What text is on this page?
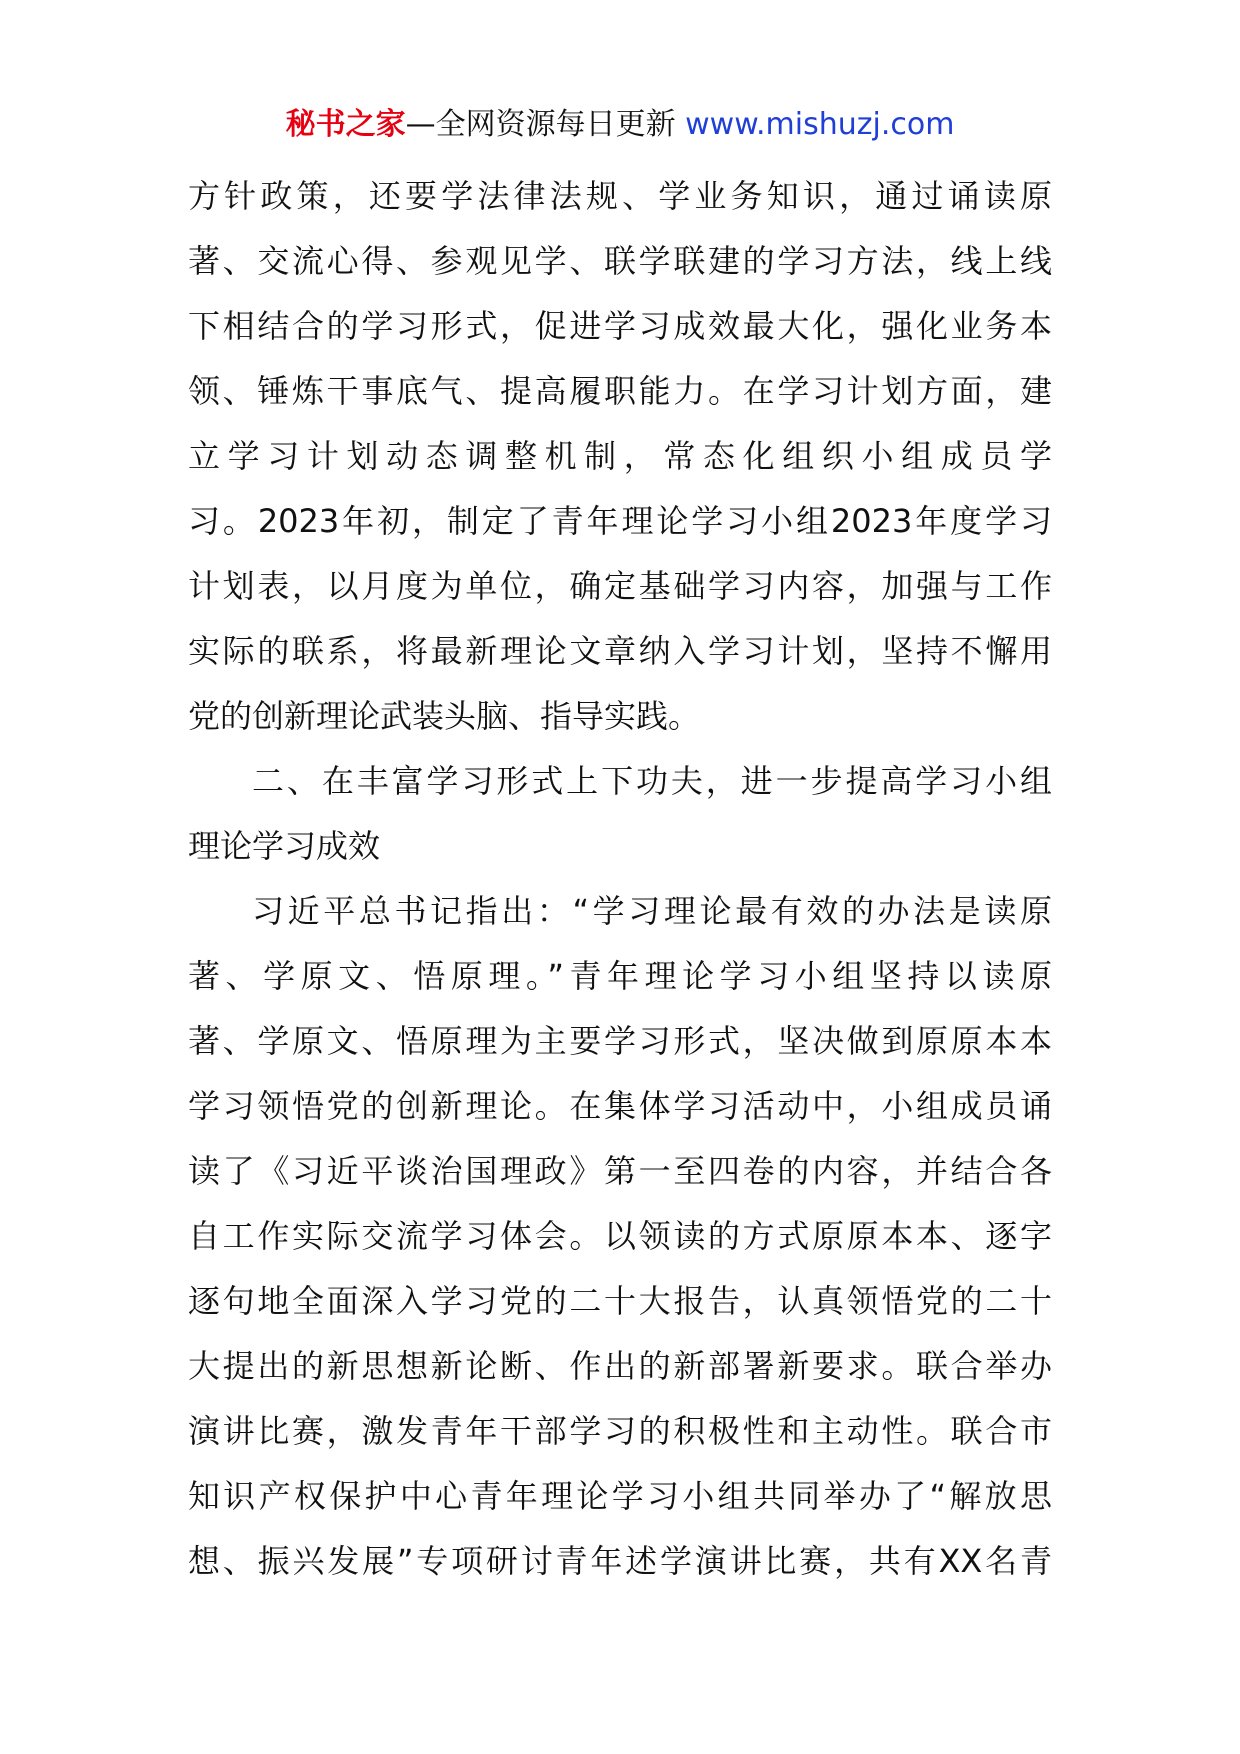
秘书之家—全网资源每日更新 www.mishuzj.com
方针政策，还要学法律法规、学业务知识，通过诵读原
著、交流心得、参观见学、联学联建的学习方法，线上线
下相结合的学习形式，促进学习成效最大化，强化业务本
领、锤炼干事底气、提高履职能力。在学习计划方面，建
立学习计划动态调整机制，常态化组织小组成员学
习。2023年初，制定了青年理论学习小组2023年度学习
计划表，以月度为单位，确定基础学习内容，加强与工作
实际的联系，将最新理论文章纳入学习计划，坚持不懈用
党的创新理论武装头脑、指导实践。
二、在丰富学习形式上下功夫，进一步提高学习小组
理论学习成效
习近平总书记指出：“学习理论最有效的办法是读原
著、学原文、悟原理。”青年理论学习小组坚持以读原
著、学原文、悟原理为主要学习形式，坚决做到原原本本
学习领悟党的创新理论。在集体学习活动中，小组成员诵
读了《习近平谈治国理政》第一至四卷的内容，并结合各
自工作实际交流学习体会。以领读的方式原原本本、逐字
逐句地全面深入学习党的二十大报告，认真领悟党的二十
大提出的新思想新论断、作出的新部署新要求。联合举办
演讲比赛，激发青年干部学习的积极性和主动性。联合市
知识产权保护中心青年理论学习小组共同举办了“解放思
想、振兴发展”专项研讨青年述学演讲比赛，共有XX名青
